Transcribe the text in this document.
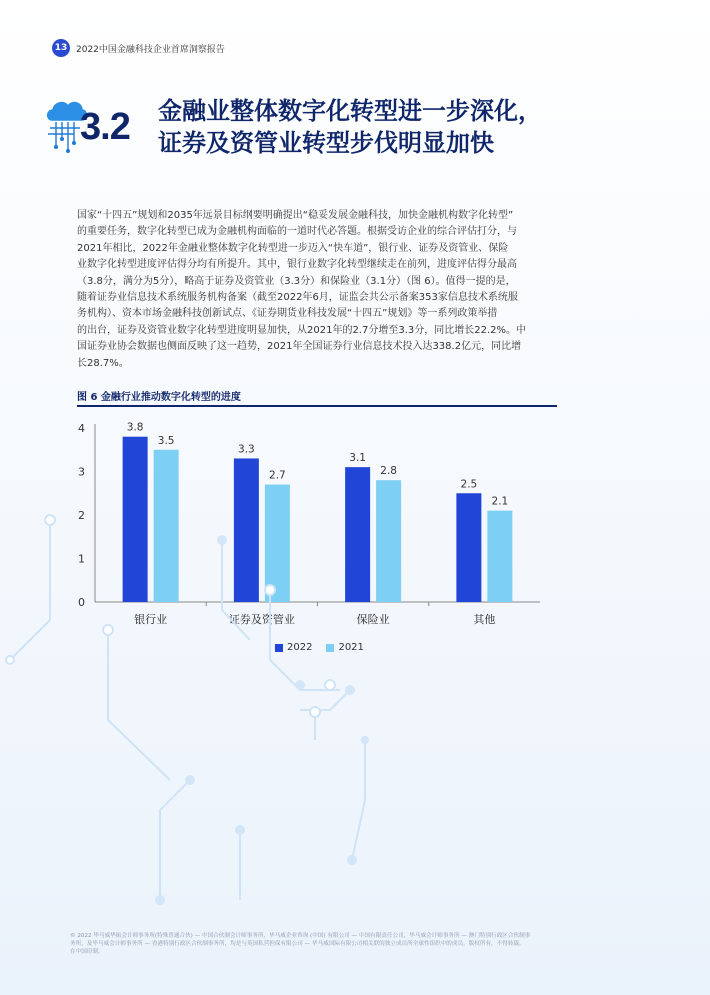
13 2022中国金融科技企业首席洞察报告
3.2 金融业整体数字化转型进一步深化，
证券及资管业转型步伐明显加快
国家“十四五”规划和2035年远景目标纲要明确提出“稳妥发展金融科技，加快金融机构数字化转型”
的重要任务，数字化转型已成为金融机构面临的一道时代必答题。根据受访企业的综合评估打分，与
2021年相比，2022年金融业整体数字化转型进一步迈入“快车道”，银行业、证券及资管业、保险
业数字化转型进度评估得分均有所提升。其中，银行业数字化转型继续走在前列，进度评估得分最高
（3.8分，满分为5分），略高于证券及资管业（3.3分）和保险业（3.1分）（图 6）。值得一提的是，
随着证券业信息技术系统服务机构备案（截至2022年6月，证监会共公示备案353家信息技术系统服
务机构）、资本市场金融科技创新试点、《证券期货业科技发展“十四五”规划》等一系列政策举措
的出台，证券及资管业数字化转型进度明显加快，从2021年的2.7分增至3.3分，同比增长22.2%。中
国证券业协会数据也侧面反映了这一趋势，2021年全国证券行业信息技术投入达338.2亿元，同比增
长28.7%。
图 6 金融行业推动数字化转型的进度
0
1
2
3
4	3.8
3.5
银行业
3.3
2.7
证券及资管业
3.1
2.8
保险业
2.5
2.1
其他
2022	2021
© 2022 毕马威华振会计师事务所(特殊普通合伙) — 中国合伙制会计师事务所，毕马威企业咨询 (中国) 有限公司 — 中国有限责任公司，毕马威会计师事务所 — 澳门特别行政区合伙制事
务所，及毕马威会计师事务所 — 香港特别行政区合伙制事务所，均是与英国私营担保有限公司 — 毕马威国际有限公司相关联的独立成员所全球性组织中的成员。版权所有，不得转载。
在中国印制。
